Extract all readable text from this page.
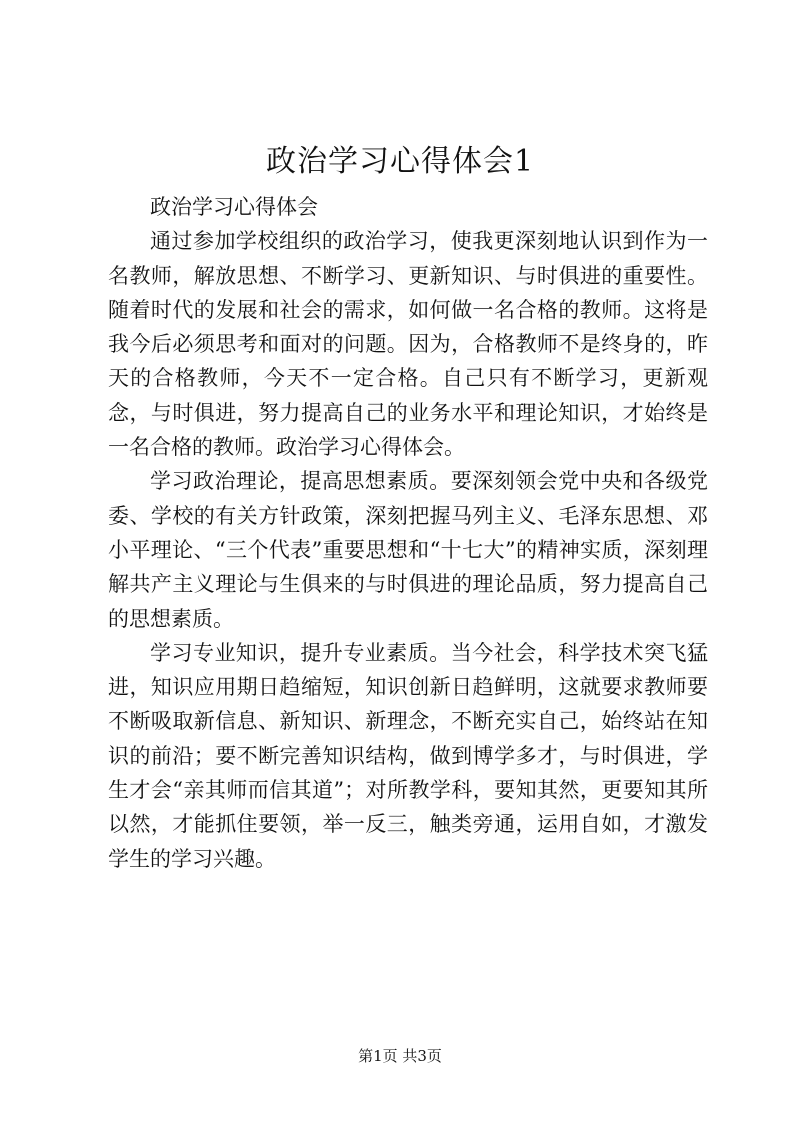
政治学习心得体会1

政治学习心得体会

通过参加学校组织的政治学习，使我更深刻地认识到作为一名教师，解放思想、不断学习、更新知识、与时俱进的重要性。随着时代的发展和社会的需求，如何做一名合格的教师。这将是我今后必须思考和面对的问题。因为，合格教师不是终身的，昨天的合格教师，今天不一定合格。自己只有不断学习，更新观念，与时俱进，努力提高自己的业务水平和理论知识，才始终是一名合格的教师。政治学习心得体会。

学习政治理论，提高思想素质。要深刻领会党中央和各级党委、学校的有关方针政策，深刻把握马列主义、毛泽东思想、邓小平理论、“三个代表”重要思想和“十七大”的精神实质，深刻理解共产主义理论与生俱来的与时俱进的理论品质，努力提高自己的思想素质。

学习专业知识，提升专业素质。当今社会，科学技术突飞猛进，知识应用期日趋缩短，知识创新日趋鲜明，这就要求教师要不断吸取新信息、新知识、新理念，不断充实自己，始终站在知识的前沿；要不断完善知识结构，做到博学多才，与时俱进，学生才会“亲其师而信其道”；对所教学科，要知其然，更要知其所以然，才能抓住要领，举一反三，触类旁通，运用自如，才激发学生的学习兴趣。

第1页 共3页
